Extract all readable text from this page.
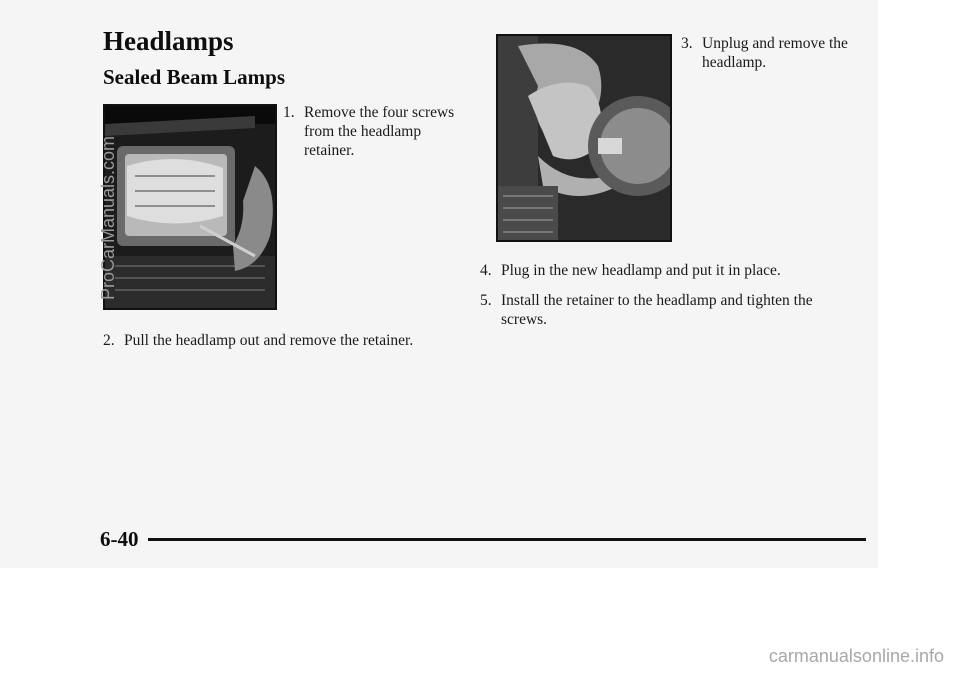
Headlamps
Sealed Beam Lamps
1. Remove the four screws from the headlamp retainer.
2. Pull the headlamp out and remove the retainer.
3. Unplug and remove the headlamp.
4. Plug in the new headlamp and put it in place.
5. Install the retainer to the headlamp and tighten the screws.
6-40
ProCarManuals.com
carmanualsonline.info
